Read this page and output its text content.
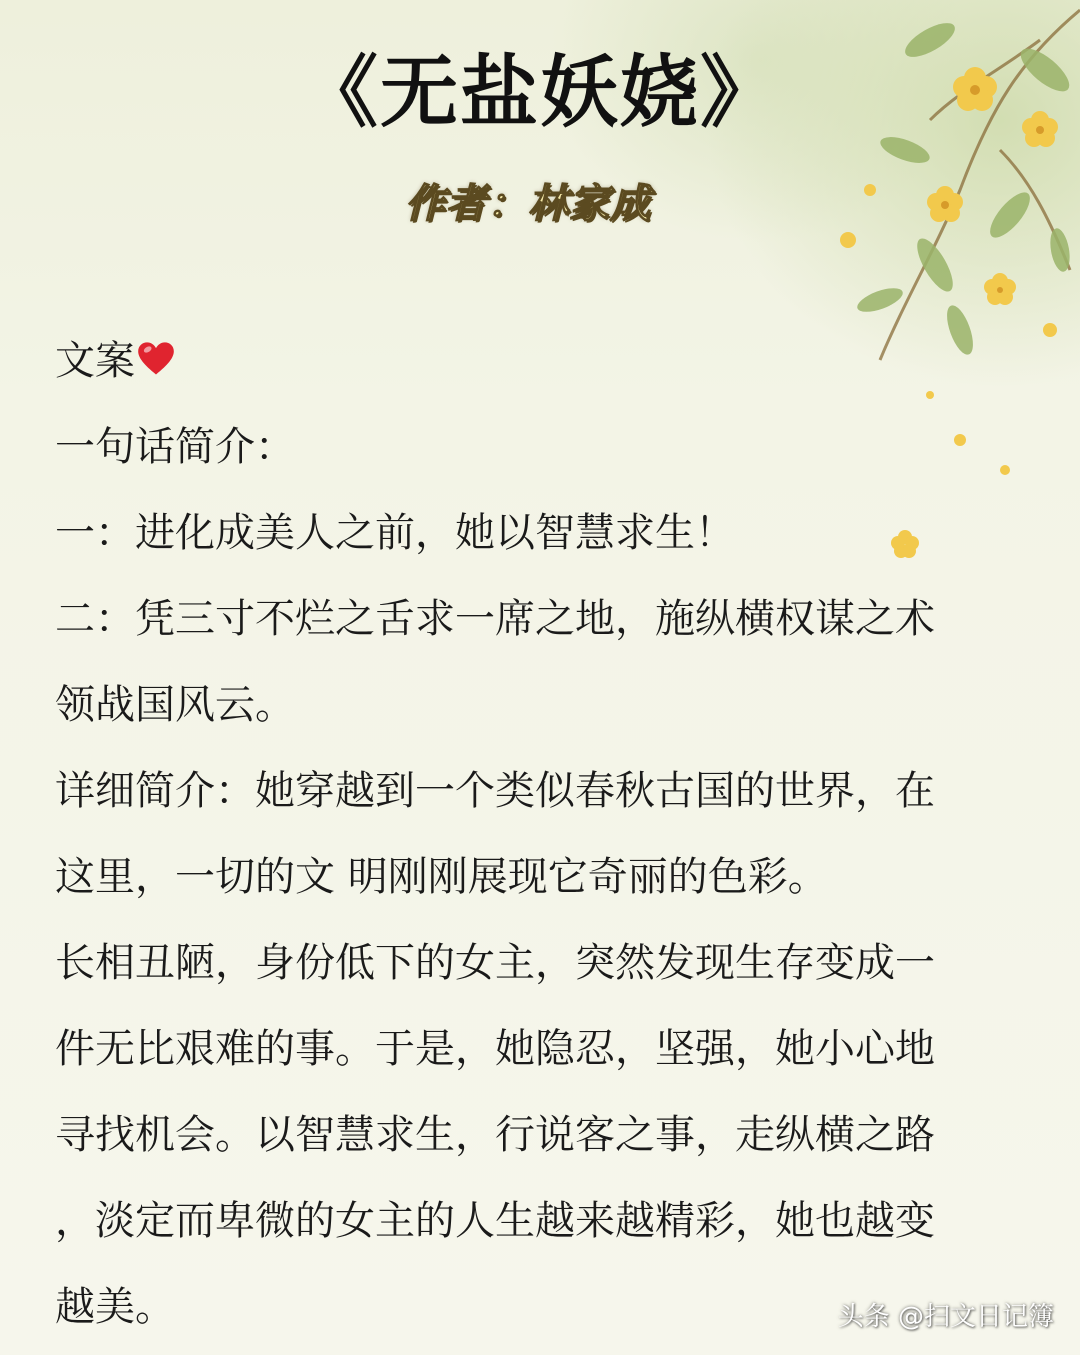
《无盐妖娆》
作者：林家成
文案
一句话简介：
一：进化成美人之前，她以智慧求生！
二：凭三寸不烂之舌求一席之地，施纵横权谋之术
领战国风云。
详细简介：她穿越到一个类似春秋古国的世界，在
这里，一切的文 明刚刚展现它奇丽的色彩。
长相丑陋，身份低下的女主，突然发现生存变成一
件无比艰难的事。于是，她隐忍，坚强，她小心地
寻找机会。以智慧求生，行说客之事，走纵横之路
，淡定而卑微的女主的人生越来越精彩，她也越变
越美。	头条 @扫文日记簿
